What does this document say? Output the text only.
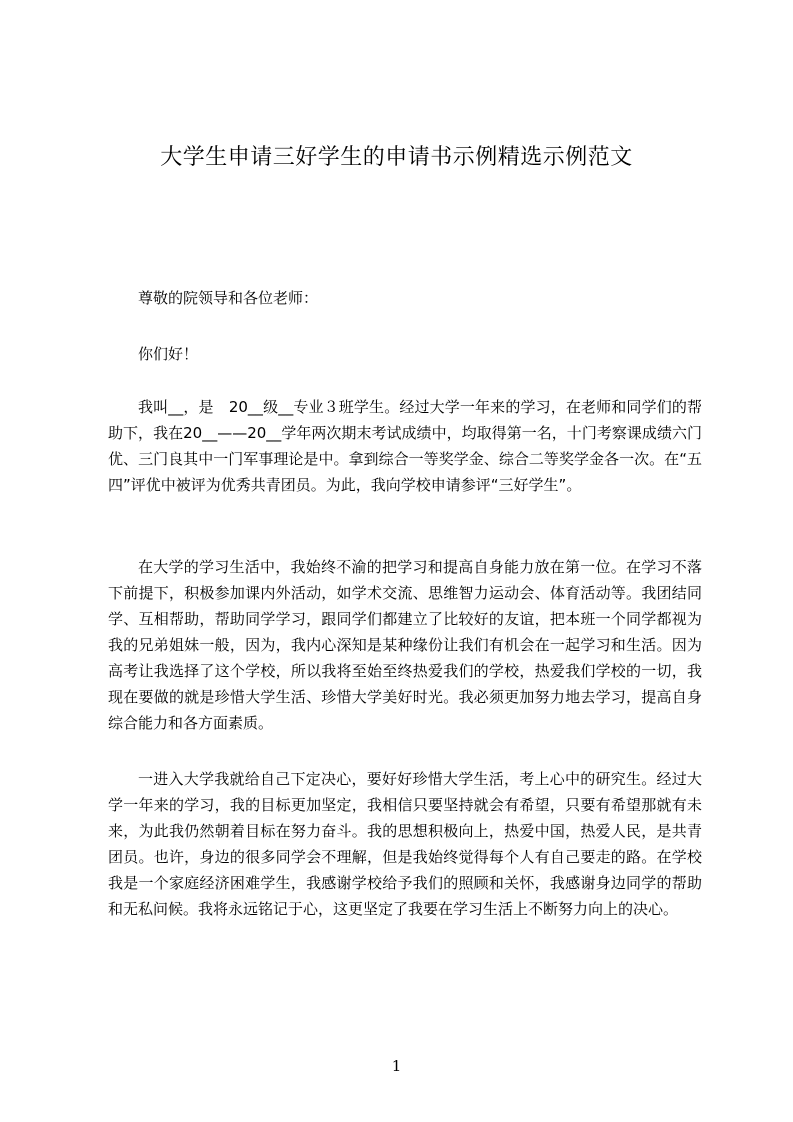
大学生申请三好学生的申请书示例精选示例范文

尊敬的院领导和各位老师：

你们好！

我叫__，是　20__级__专业３班学生。经过大学一年来的学习，在老师和同学们的帮助下，我在20__——20__学年两次期末考试成绩中，均取得第一名，十门考察课成绩六门优、三门良其中一门军事理论是中。拿到综合一等奖学金、综合二等奖学金各一次。在“五四”评优中被评为优秀共青团员。为此，我向学校申请参评“三好学生”。

在大学的学习生活中，我始终不渝的把学习和提高自身能力放在第一位。在学习不落下前提下，积极参加课内外活动，如学术交流、思维智力运动会、体育活动等。我团结同学、互相帮助，帮助同学学习，跟同学们都建立了比较好的友谊，把本班一个同学都视为我的兄弟姐妹一般，因为，我内心深知是某种缘份让我们有机会在一起学习和生活。因为高考让我选择了这个学校，所以我将至始至终热爱我们的学校，热爱我们学校的一切，我现在要做的就是珍惜大学生活、珍惜大学美好时光。我必须更加努力地去学习，提高自身综合能力和各方面素质。

一进入大学我就给自己下定决心，要好好珍惜大学生活，考上心中的研究生。经过大学一年来的学习，我的目标更加坚定，我相信只要坚持就会有希望，只要有希望那就有未来，为此我仍然朝着目标在努力奋斗。我的思想积极向上，热爱中国，热爱人民，是共青团员。也许，身边的很多同学会不理解，但是我始终觉得每个人有自己要走的路。在学校我是一个家庭经济困难学生，我感谢学校给予我们的照顾和关怀，我感谢身边同学的帮助和无私问候。我将永远铭记于心，这更坚定了我要在学习生活上不断努力向上的决心。

1
